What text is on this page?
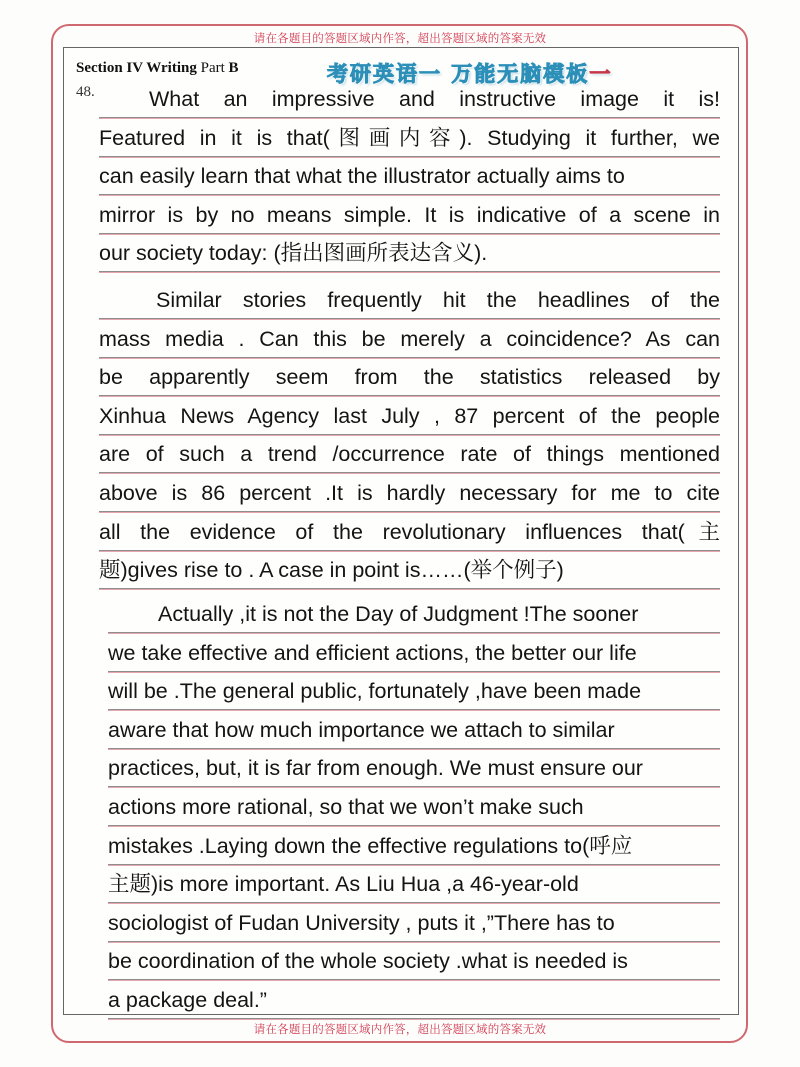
请在各题目的答题区域内作答，超出答题区域的答案无效
Section IV Writing Part B	考研英语一 万能无脑模板一
48.	What an impressive and instructive image it is!
Featured in it is that(图画内容). Studying it further, we
can easily learn that what the illustrator actually aims to
mirror is by no means simple. It is indicative of a scene in
our society today: (指出图画所表达含义).
Similar stories frequently hit the headlines of the
mass media . Can this be merely a coincidence? As can
be apparently seem from the statistics released by
Xinhua News Agency last July , 87 percent of the people
are of such a trend /occurrence rate of things mentioned
above is 86 percent .It is hardly necessary for me to cite
all the evidence of the revolutionary influences that(主
题)gives rise to . A case in point is……(举个例子)
Actually ,it is not the Day of Judgment !The sooner
we take effective and efficient actions, the better our life
will be .The general public, fortunately ,have been made
aware that how much importance we attach to similar
practices, but, it is far from enough. We must ensure our
actions more rational, so that we won’t make such
mistakes .Laying down the effective regulations to(呼应
主题)is more important. As Liu Hua ,a 46-year-old
sociologist of Fudan University , puts it ,”There has to
be coordination of the whole society .what is needed is
a package deal.”
请在各题目的答题区域内作答，超出答题区域的答案无效
